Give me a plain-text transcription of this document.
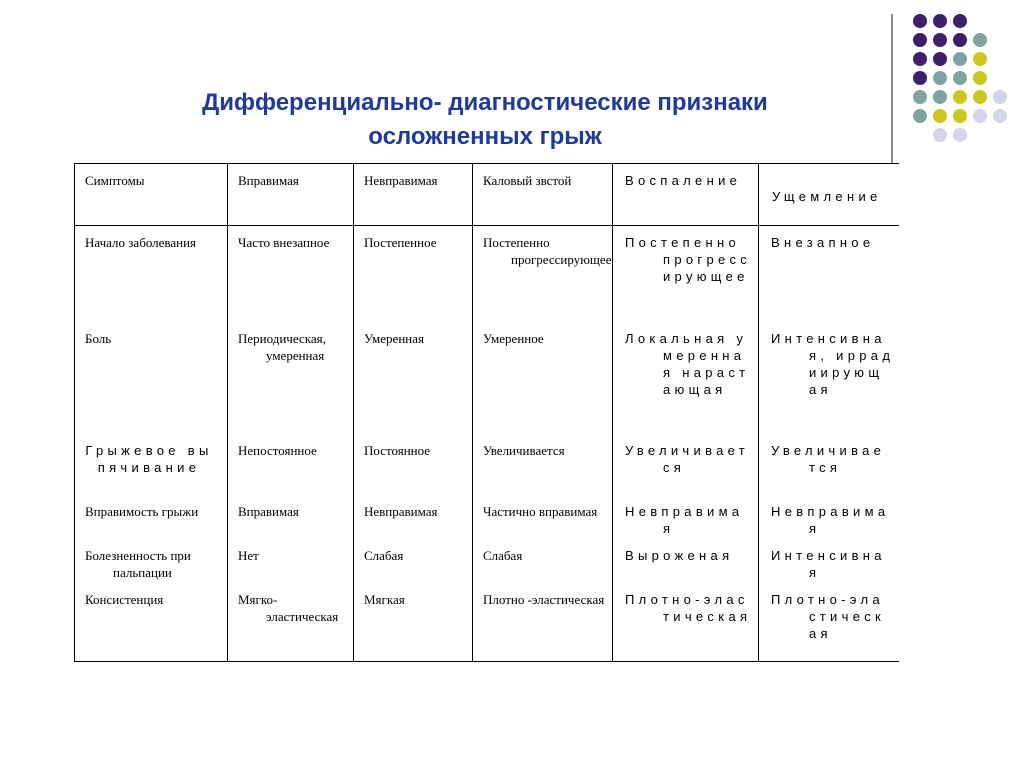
Дифференциально- диагностические признаки
осложненных грыж
Симптомы	Вправимая	Невправимая	Каловый звстой	Воспаление	Ущемление

Начало заболевания	Часто внезапное	Постепенное	Постепенно прогрессирующее	Постепенно прогрессирующее	Внезапное

Боль	Периодическая, умеренная	Умеренная	Умеренное	Локальная умеренная нарастающая	Интенсивная, иррадиирующая

Грыжевое выпячивание	Непостоянное	Постоянное	Увеличивается	Увеличивается	Увеличивается

Вправимость грыжи	Вправимая	Невправимая	Частично вправимая	Невправимая	Невправимая

Болезненность при пальпации	Нет	Слабая	Слабая	Выроженая	Интенсивная

Консистенция	Мягко-эластическая	Мягкая	Плотно -эластическая	Плотно-эластическая	Плотно-эластическая
